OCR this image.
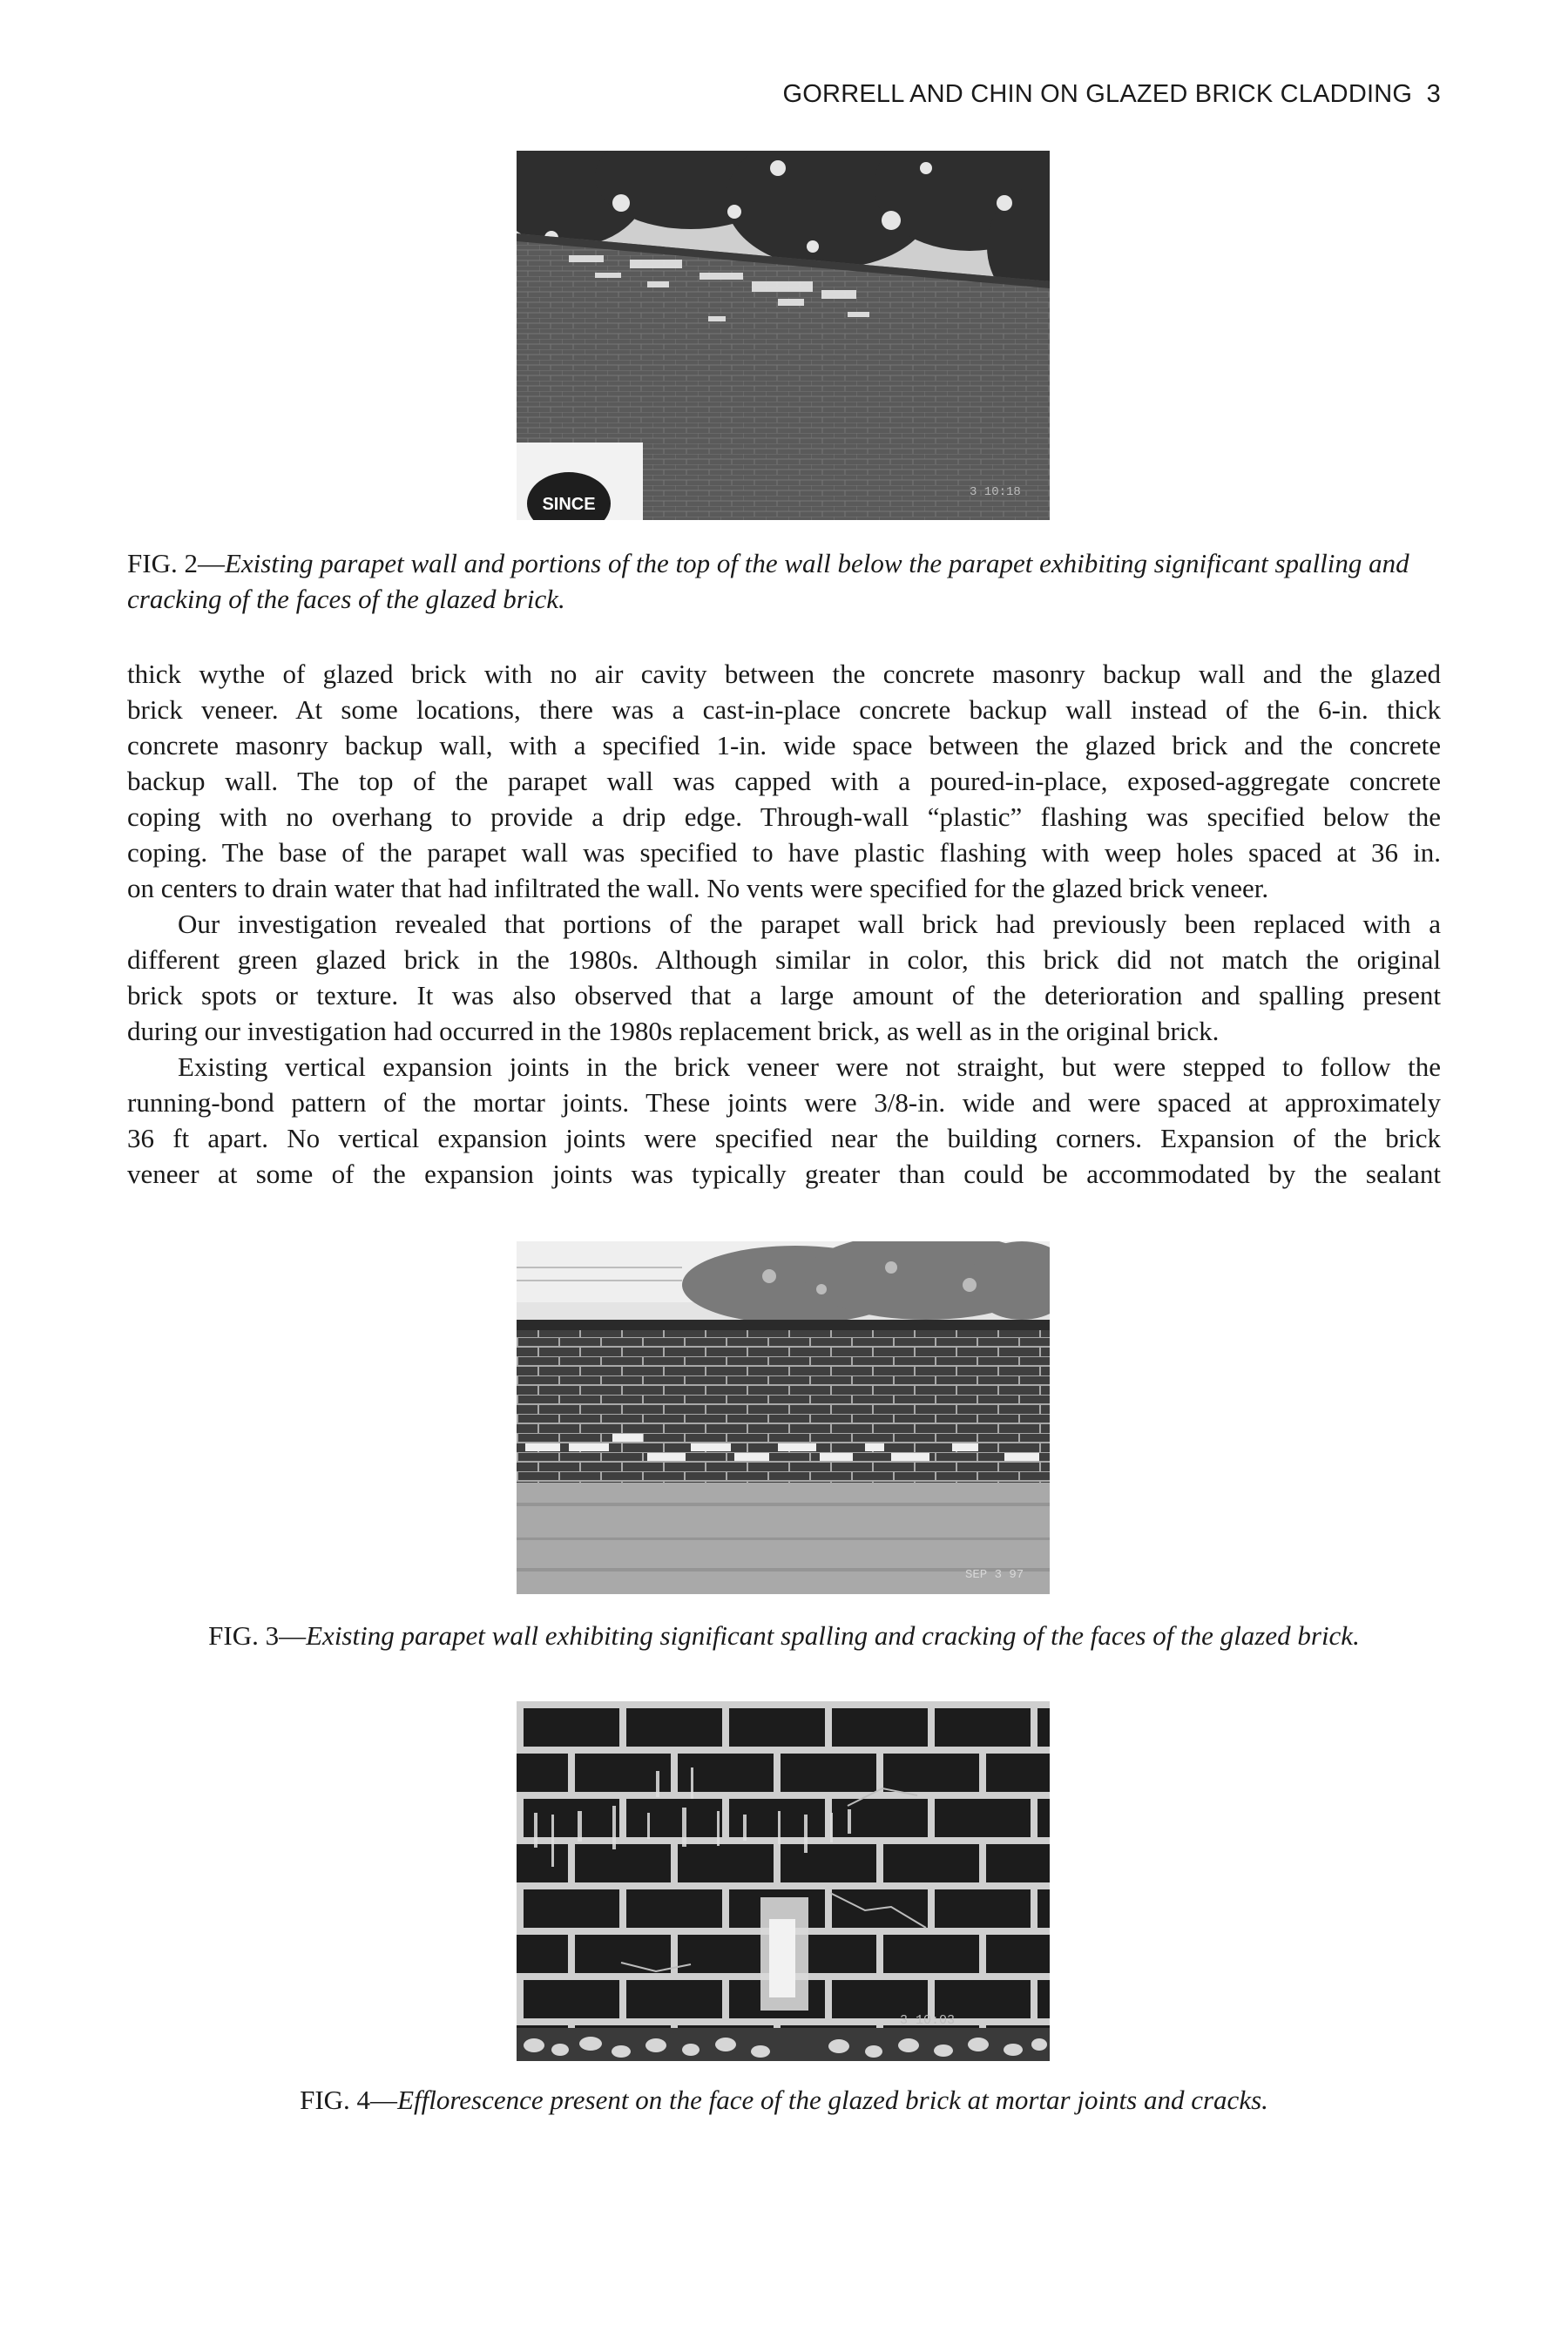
GORRELL AND CHIN ON GLAZED BRICK CLADDING 3
SINCE
3 10:18
FIG. 2—Existing parapet wall and portions of the top of the wall below the parapet exhibiting significant spalling and cracking of the faces of the glazed brick.

thick wythe of glazed brick with no air cavity between the concrete masonry backup wall and the glazed

brick veneer. At some locations, there was a cast-in-place concrete backup wall instead of the 6-in. thick

concrete masonry backup wall, with a specified 1-in. wide space between the glazed brick and the concrete

backup wall. The top of the parapet wall was capped with a poured-in-place, exposed-aggregate concrete

coping with no overhang to provide a drip edge. Through-wall “plastic” flashing was specified below the

coping. The base of the parapet wall was specified to have plastic flashing with weep holes spaced at 36 in.

on centers to drain water that had infiltrated the wall. No vents were specified for the glazed brick veneer.

Our investigation revealed that portions of the parapet wall brick had previously been replaced with a

different green glazed brick in the 1980s. Although similar in color, this brick did not match the original

brick spots or texture. It was also observed that a large amount of the deterioration and spalling present

during our investigation had occurred in the 1980s replacement brick, as well as in the original brick.

Existing vertical expansion joints in the brick veneer were not straight, but were stepped to follow the

running-bond pattern of the mortar joints. These joints were 3/8-in. wide and were spaced at approximately

36 ft apart. No vertical expansion joints were specified near the building corners. Expansion of the brick

veneer at some of the expansion joints was typically greater than could be accommodated by the sealant

SEP 3 97
FIG. 3—Existing parapet wall exhibiting significant spalling and cracking of the faces of the glazed brick.
3 10:03
FIG. 4—Efflorescence present on the face of the glazed brick at mortar joints and cracks.
